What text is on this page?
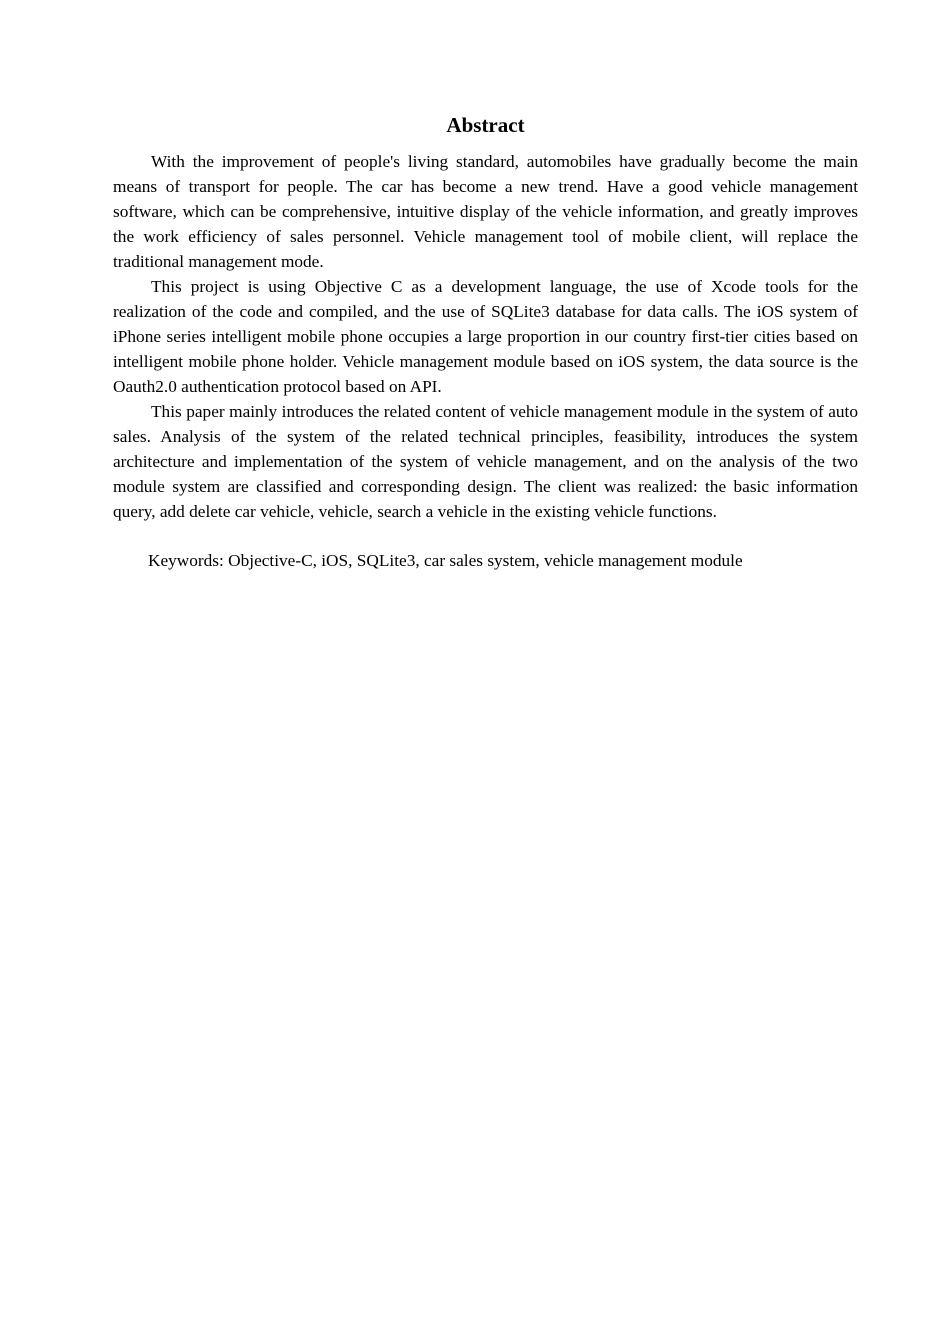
Abstract

With the improvement of people's living standard, automobiles have gradually become the main means of transport for people. The car has become a new trend. Have a good vehicle management software, which can be comprehensive, intuitive display of the vehicle information, and greatly improves the work efficiency of sales personnel. Vehicle management tool of mobile client, will replace the traditional management mode.

This project is using Objective C as a development language, the use of Xcode tools for the realization of the code and compiled, and the use of SQLite3 database for data calls. The iOS system of iPhone series intelligent mobile phone occupies a large proportion in our country first-tier cities based on intelligent mobile phone holder. Vehicle management module based on iOS system, the data source is the Oauth2.0 authentication protocol based on API.

This paper mainly introduces the related content of vehicle management module in the system of auto sales. Analysis of the system of the related technical principles, feasibility, introduces the system architecture and implementation of the system of vehicle management, and on the analysis of the two module system are classified and corresponding design. The client was realized: the basic information query, add delete car vehicle, vehicle, search a vehicle in the existing vehicle functions.

Keywords: Objective-C, iOS, SQLite3, car sales system, vehicle management module
